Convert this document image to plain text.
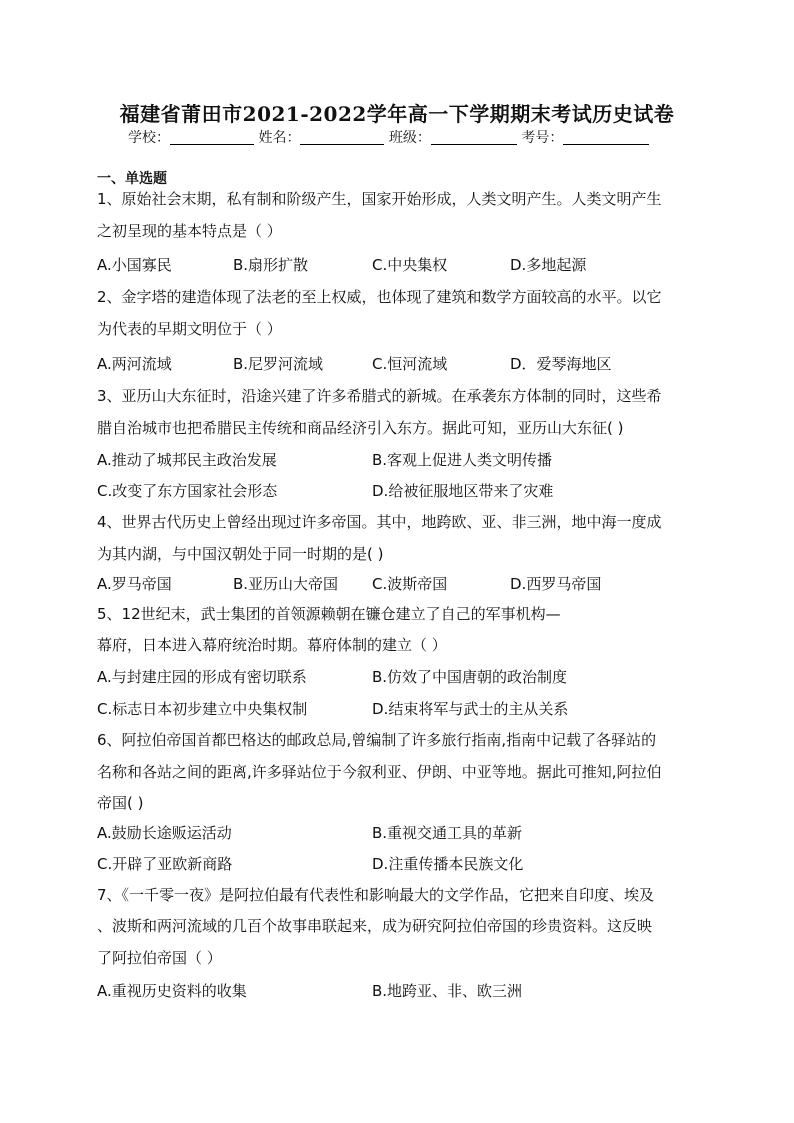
福建省莆田市2021-2022学年高一下学期期末考试历史试卷
学校：	姓名：	班级：	考号：
一、单选题
1、原始社会末期，私有制和阶级产生，国家开始形成，人类文明产生。人类文明产生
之初呈现的基本特点是（ ）
A.小国寡民	B.扇形扩散	C.中央集权	D.多地起源
2、金字塔的建造体现了法老的至上权威，也体现了建筑和数学方面较高的水平。以它
为代表的早期文明位于（ ）
A.两河流域	B.尼罗河流域	C.恒河流域	D．爱琴海地区
3、亚历山大东征时，沿途兴建了许多希腊式的新城。在承袭东方体制的同时，这些希
腊自治城市也把希腊民主传统和商品经济引入东方。据此可知，亚历山大东征( )
A.推动了城邦民主政治发展	B.客观上促进人类文明传播
C.改变了东方国家社会形态	D.给被征服地区带来了灾难
4、世界古代历史上曾经出现过许多帝国。其中，地跨欧、亚、非三洲，地中海一度成
为其内湖，与中国汉朝处于同一时期的是( )
A.罗马帝国	B.亚历山大帝国 C.波斯帝国	D.西罗马帝国
5、12世纪末，武士集团的首领源赖朝在镰仓建立了自己的军事机构—
幕府，日本进入幕府统治时期。幕府体制的建立（ ）
A.与封建庄园的形成有密切联系	B.仿效了中国唐朝的政治制度
C.标志日本初步建立中央集权制	D.结束将军与武士的主从关系
6、阿拉伯帝国首都巴格达的邮政总局,曾编制了许多旅行指南,指南中记载了各驿站的
名称和各站之间的距离,许多驿站位于今叙利亚、伊朗、中亚等地。据此可推知,阿拉伯
帝国( )
A.鼓励长途贩运活动	B.重视交通工具的革新
C.开辟了亚欧新商路	D.注重传播本民族文化
7、《一千零一夜》是阿拉伯最有代表性和影响最大的文学作品，它把来自印度、埃及
、波斯和两河流域的几百个故事串联起来，成为研究阿拉伯帝国的珍贵资料。这反映
了阿拉伯帝国（ ）
A.重视历史资料的收集	B.地跨亚、非、欧三洲
